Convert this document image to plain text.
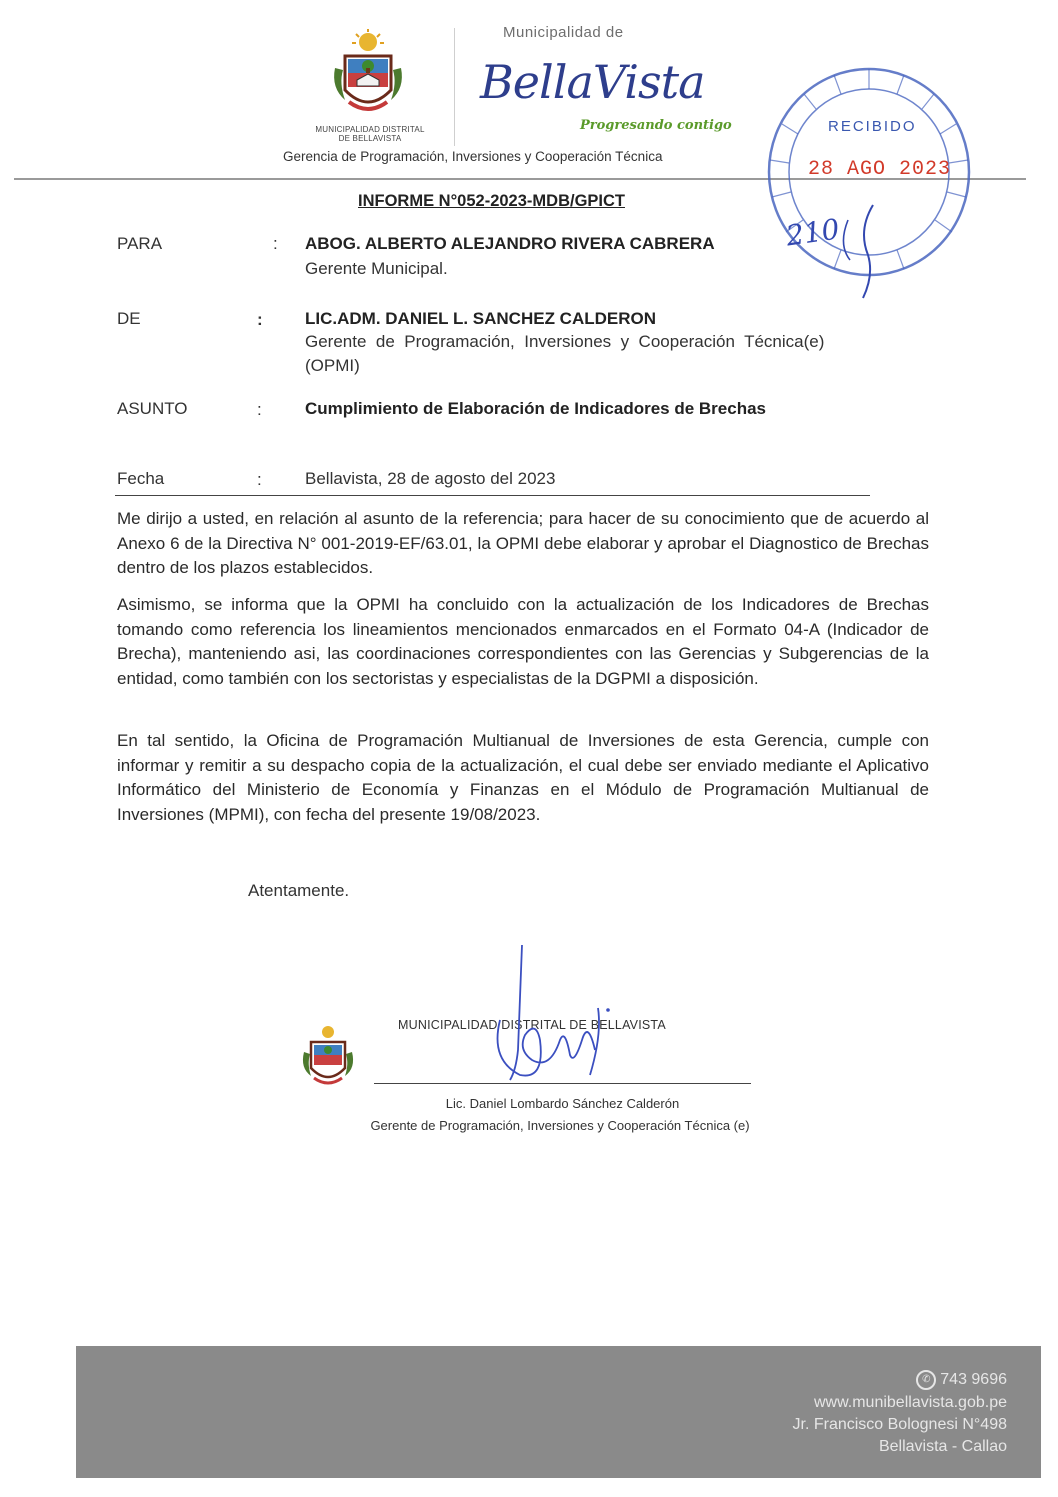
MUNICIPALIDAD DISTRITAL
DE BELLAVISTA
Municipalidad de
BellaVista
Progresando contigo
Gerencia de Programación, Inversiones y Cooperación Técnica
RECIBIDO
28 AGO 2023
210
INFORME N°052-2023-MDB/GPICT
PARA	: ABOG. ALBERTO ALEJANDRO RIVERA CABRERA
Gerente Municipal.
DE	: LIC.ADM. DANIEL L. SANCHEZ CALDERON
Gerente  de  Programación,  Inversiones  y  Cooperación  Técnica(e)
(OPMI)
ASUNTO	:	Cumplimiento de Elaboración de Indicadores de Brechas
Fecha	:	Bellavista, 28 de agosto del 2023
Me dirijo a usted, en relación al asunto de la referencia; para hacer de su conocimiento que de acuerdo al Anexo 6 de la Directiva N° 001-2019-EF/63.01, la OPMI debe elaborar y aprobar el Diagnostico de Brechas dentro de los plazos establecidos.
Asimismo, se informa que la OPMI ha concluido con la actualización de los Indicadores de Brechas tomando como referencia los lineamientos mencionados enmarcados en el Formato 04-A (Indicador de Brecha), manteniendo asi, las coordinaciones correspondientes con las Gerencias y Subgerencias de la entidad, como también con los sectoristas y especialistas de la DGPMI a disposición.
En tal sentido, la Oficina de Programación Multianual de Inversiones de esta Gerencia, cumple con informar y remitir a su despacho copia de la actualización, el cual debe ser enviado mediante el Aplicativo Informático del Ministerio de Economía y Finanzas en el Módulo de Programación Multianual de Inversiones (MPMI), con fecha del presente 19/08/2023.
Atentamente.
MUNICIPALIDAD DISTRITAL DE BELLAVISTA
Lic. Daniel Lombardo Sánchez Calderón
Gerente de Programación, Inversiones y Cooperación Técnica (e)
✆ 743 9696
www.munibellavista.gob.pe
Jr. Francisco Bolognesi N°498
Bellavista - Callao
